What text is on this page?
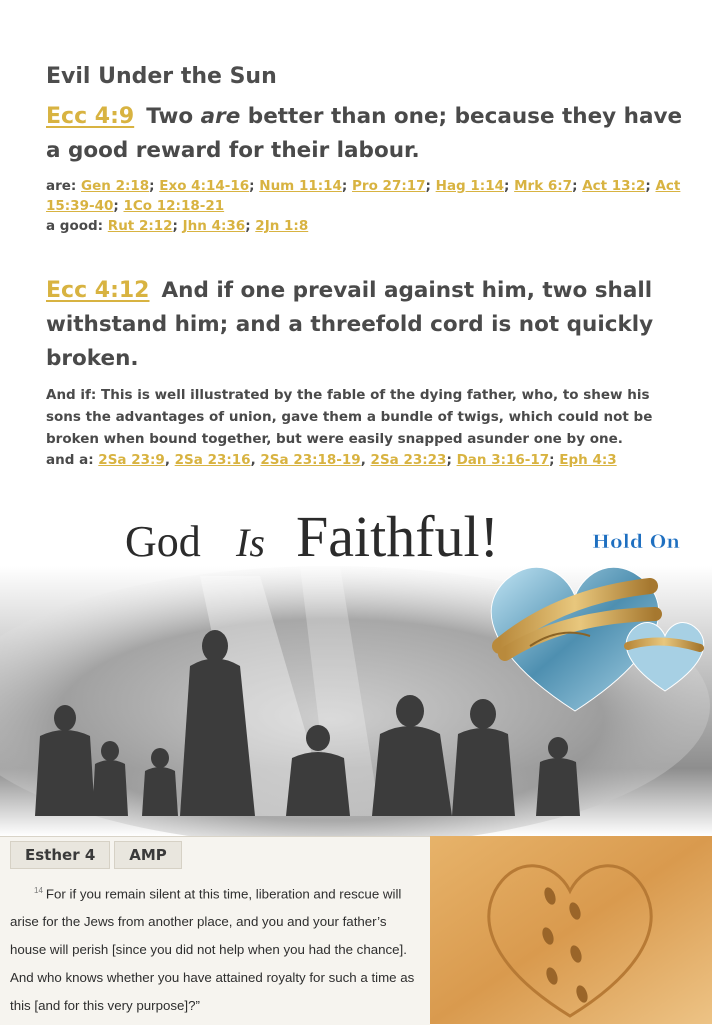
Evil Under the Sun
Ecc 4:9 Two are better than one; because they have a good reward for their labour.
are: Gen 2:18; Exo 4:14-16; Num 11:14; Pro 27:17; Hag 1:14; Mrk 6:7; Act 13:2; Act 15:39-40; 1Co 12:18-21
a good: Rut 2:12; Jhn 4:36; 2Jn 1:8
Ecc 4:12 And if one prevail against him, two shall withstand him; and a threefold cord is not quickly broken.
And if: This is well illustrated by the fable of the dying father, who, to shew his sons the advantages of union, gave them a bundle of twigs, which could not be broken when bound together, but were easily snapped asunder one by one.
and a: 2Sa 23:9, 2Sa 23:16, 2Sa 23:18-19, 2Sa 23:23; Dan 3:16-17; Eph 4:3
God Is Faithful!	Hold On
Esther 4	AMP
$^{14}$ For if you remain silent at this time, liberation and rescue will arise for the Jews from another place, and you and your father’s house will perish [since you did not help when you had the chance]. And who knows whether you have attained royalty for such a time as this [and for this very purpose]?”
